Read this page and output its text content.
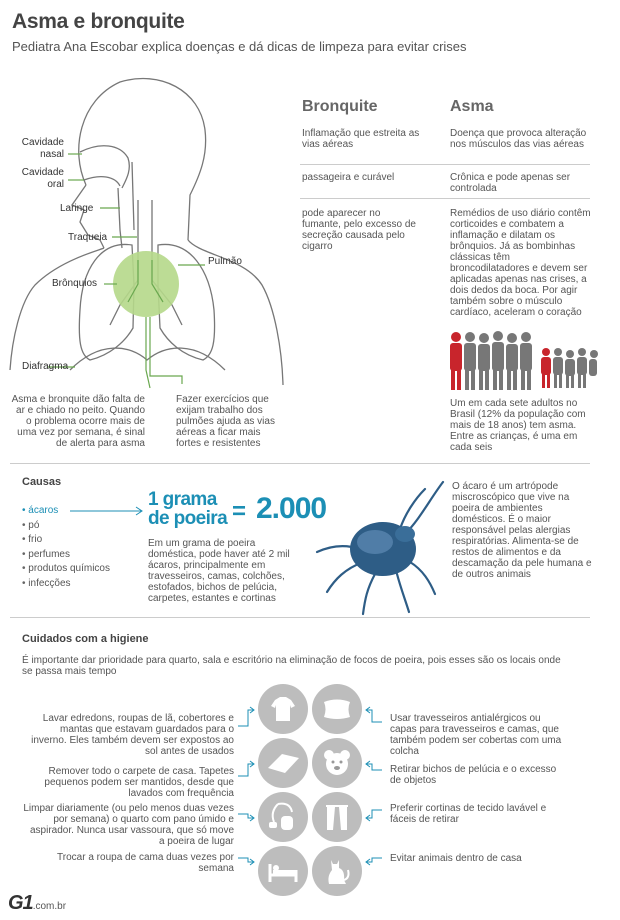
Asma e bronquite
Pediatra Ana Escobar explica doenças e dá dicas de limpeza para evitar crises
Cavidade nasal
Cavidade oral
Laringe
Traqueia
Brônquios
Pulmão
Diafragma
Asma e bronquite dão falta de ar e chiado no peito. Quando o problema ocorre mais de uma vez por semana, é sinal de alerta para asma
Fazer exercícios que exijam trabalho dos pulmões ajuda as vias aéreas a ficar mais fortes e resistentes
Bronquite	Asma
Inflamação que estreita as vias aéreas
Doença que provoca alteração nos músculos das vias aéreas
passageira e curável	Crônica e pode apenas ser controlada
pode aparecer no fumante, pelo excesso de secreção causada pelo cigarro
Remédios de uso diário contêm corticoides e combatem a inflamação e dilatam os brônquios. Já as bombinhas clássicas têm broncodilatadores e devem ser aplicadas apenas nas crises, a dois dedos da boca. Por agir também sobre o músculo cardíaco, aceleram o coração
Um em cada sete adultos no Brasil (12% da população com mais de 18 anos) tem asma. Entre as crianças, é uma em cada seis
Causas
• ácaros
• pó
• frio
• perfumes
• produtos químicos
• infecções
1 grama de poeira = 2.000
Em um grama de poeira doméstica, pode haver até 2 mil ácaros, principalmente em travesseiros, camas, colchões, estofados, bichos de pelúcia, carpetes, estantes e cortinas
O ácaro é um artrópode miscroscópico que vive na poeira de ambientes domésticos. É o maior responsável pelas alergias respiratórias. Alimenta-se de restos de alimentos e da descamação da pele humana e de outros animais
Cuidados com a higiene
É importante dar prioridade para quarto, sala e escritório na eliminação de focos de poeira, pois esses são os locais onde se passa mais tempo
Lavar edredons, roupas de lã, cobertores e mantas que estavam guardados para o inverno. Eles também devem ser expostos ao sol antes de usados
Remover todo o carpete de casa. Tapetes pequenos podem ser mantidos, desde que lavados com frequência
Limpar diariamente (ou pelo menos duas vezes por semana) o quarto com pano úmido e aspirador. Nunca usar vassoura, que só move a poeira de lugar
Trocar a roupa de cama duas vezes por semana
Usar travesseiros antialérgicos ou capas para travesseiros e camas, que também podem ser cobertas com uma colcha
Retirar bichos de pelúcia e o excesso de objetos
Preferir cortinas de tecido lavável e fáceis de retirar
Evitar animais dentro de casa
G1.com.br
